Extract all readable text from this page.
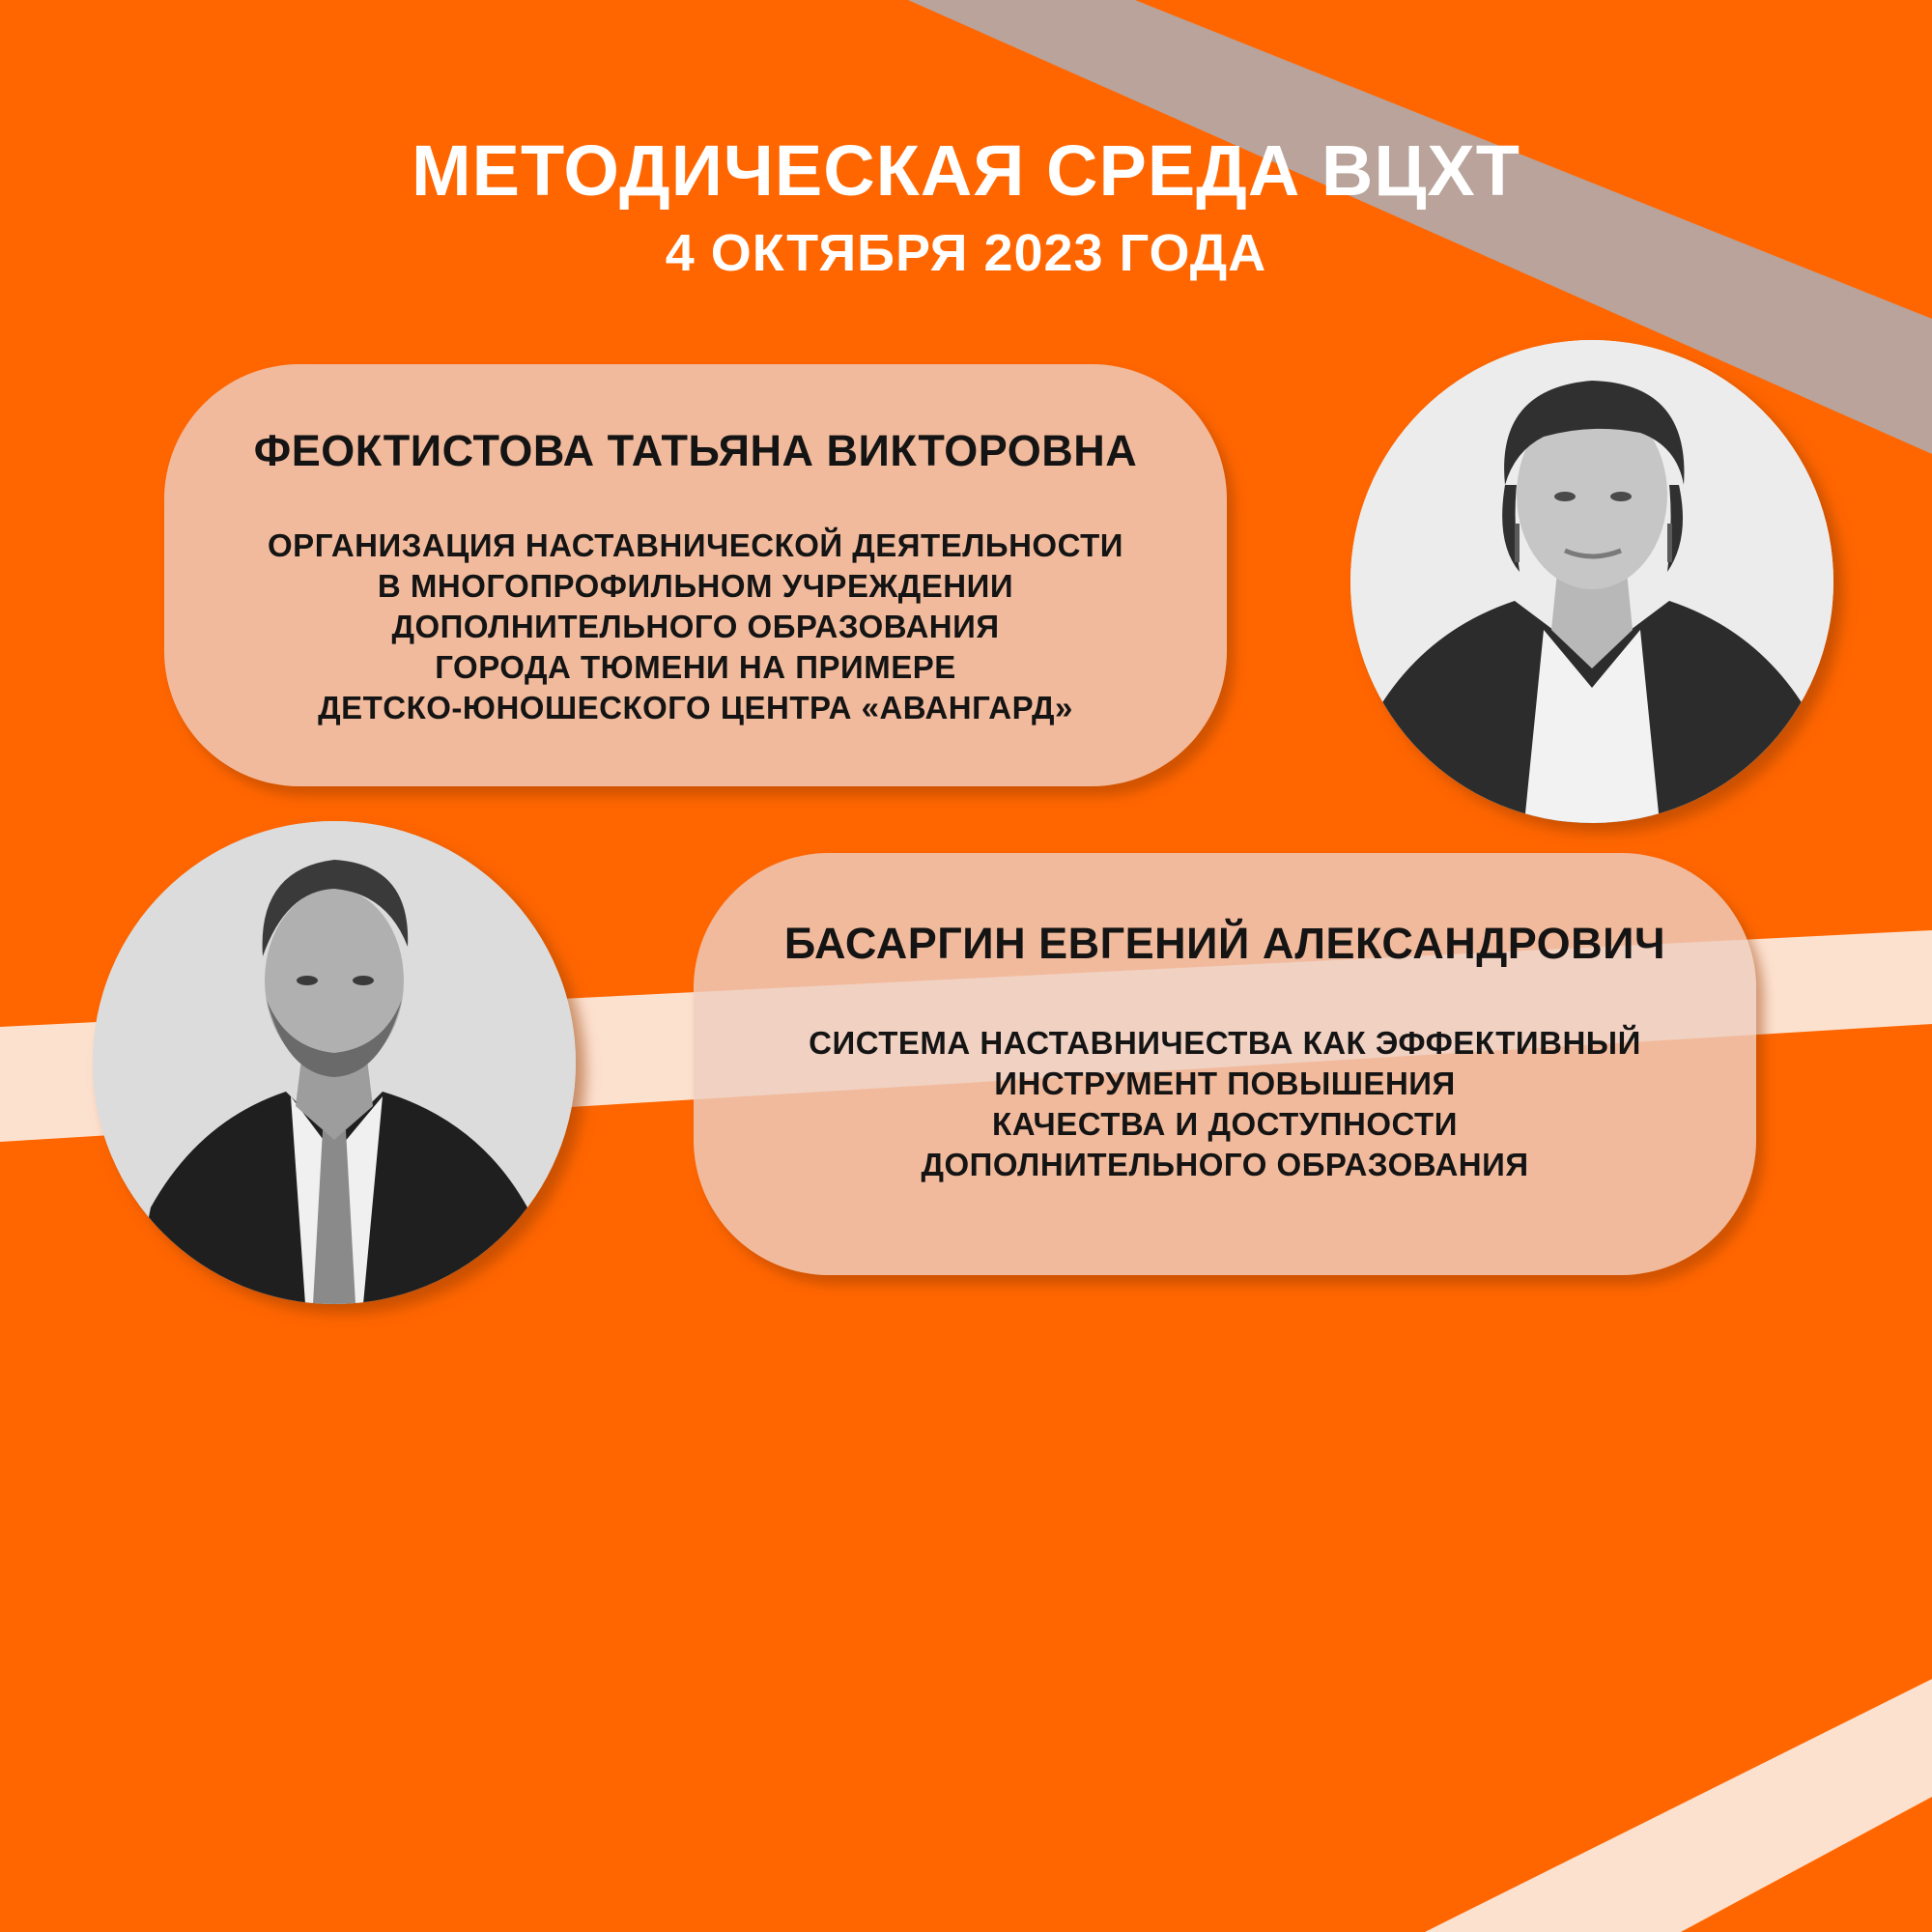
МЕТОДИЧЕСКАЯ СРЕДА ВЦХТ
4 ОКТЯБРЯ 2023 ГОДА
ФЕОКТИСТОВА ТАТЬЯНА ВИКТОРОВНА
ОРГАНИЗАЦИЯ НАСТАВНИЧЕСКОЙ ДЕЯТЕЛЬНОСТИ
В МНОГОПРОФИЛЬНОМ УЧРЕЖДЕНИИ
ДОПОЛНИТЕЛЬНОГО ОБРАЗОВАНИЯ
ГОРОДА ТЮМЕНИ НА ПРИМЕРЕ
ДЕТСКО-ЮНОШЕСКОГО ЦЕНТРА «АВАНГАРД»
БАСАРГИН ЕВГЕНИЙ АЛЕКСАНДРОВИЧ
СИСТЕМА НАСТАВНИЧЕСТВА КАК ЭФФЕКТИВНЫЙ
ИНСТРУМЕНТ ПОВЫШЕНИЯ
КАЧЕСТВА И ДОСТУПНОСТИ
ДОПОЛНИТЕЛЬНОГО ОБРАЗОВАНИЯ
